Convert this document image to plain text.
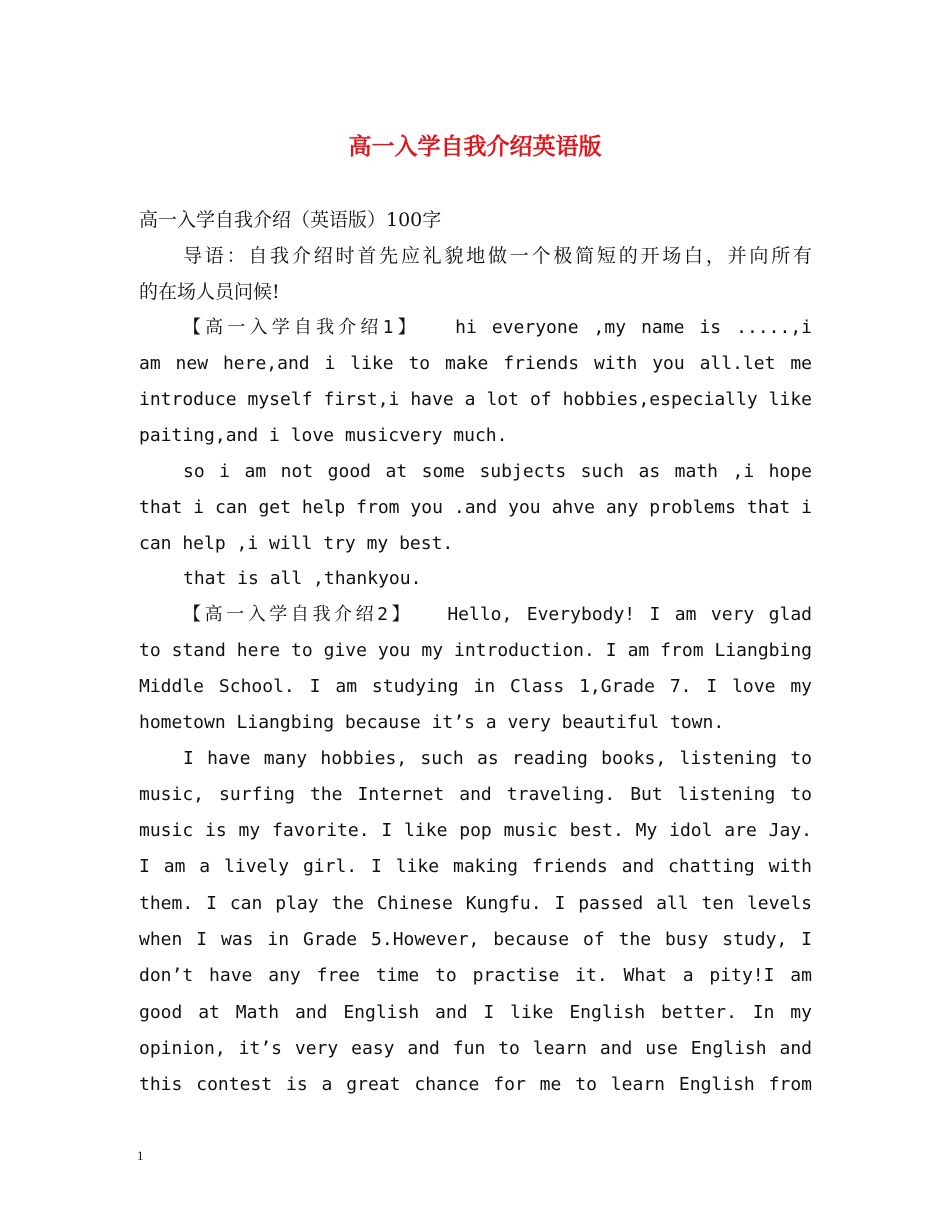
高一入学自我介绍英语版
高一入学自我介绍（英语版）100字
导语：自我介绍时首先应礼貌地做一个极简短的开场白，并向所有
的在场人员问候!
【高一入学自我介绍1】　　hi everyone ,my name is .....,i
am new here,and i like to make friends with you all.let me
introduce myself first,i have a lot of hobbies,especially like
paiting,and i love musicvery much.
so i am not good at some subjects such as math ,i hope
that i can get help from you .and you ahve any problems that i
can help ,i will try my best.
that is all ,thankyou.
【高一入学自我介绍2】　　Hello, Everybody! I am very glad
to stand here to give you my introduction. I am from Liangbing
Middle School. I am studying in Class 1,Grade 7. I love my
hometown Liangbing because it’s a very beautiful town.
I have many hobbies, such as reading books, listening to
music, surfing the Internet and traveling. But listening to
music is my favorite. I like pop music best. My idol are Jay.
I am a lively girl. I like making friends and chatting with
them. I can play the Chinese Kungfu. I passed all ten levels
when I was in Grade 5.However, because of the busy study, I
don’t have any free time to practise it. What a pity!I am
good at Math and English and I like English better. In my
opinion, it’s very easy and fun to learn and use English and
this contest is a great chance for me to learn English from
1
